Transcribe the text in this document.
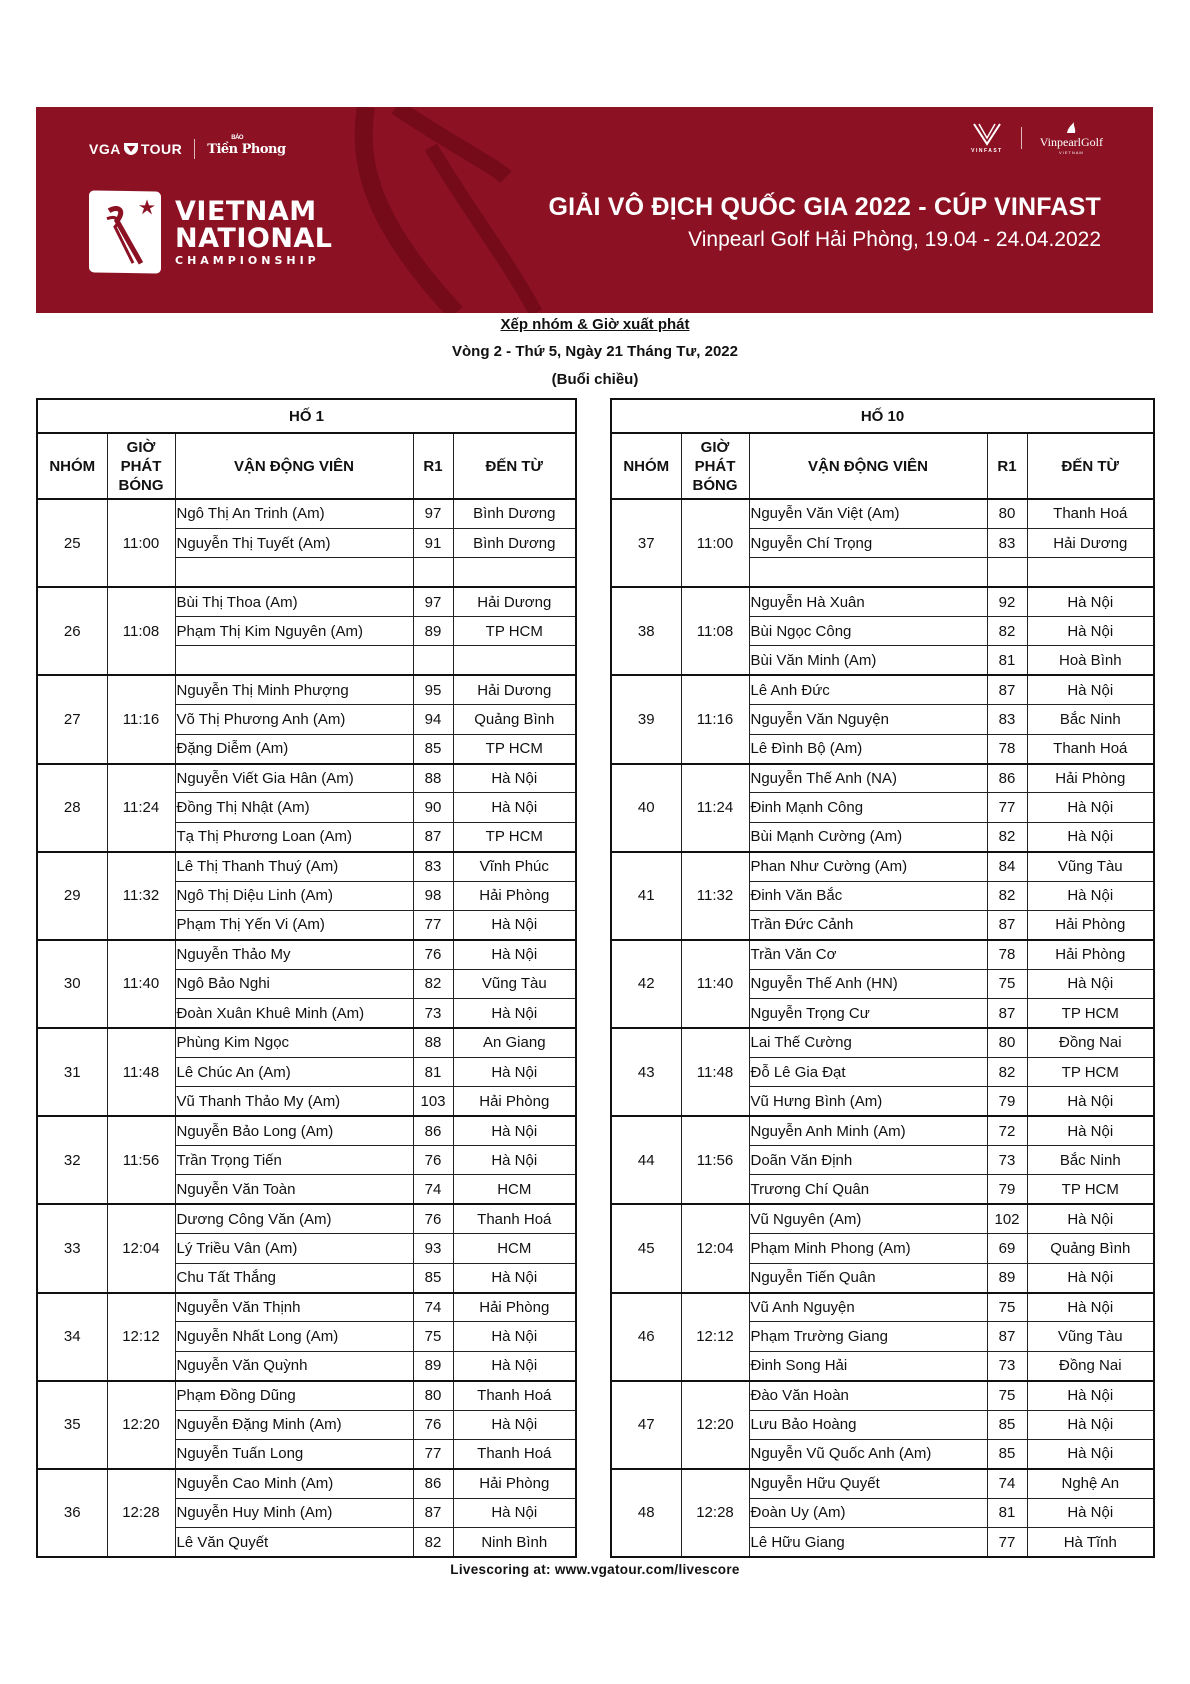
VGA TOUR
BÁO
Tiền Phong
VIETNAM
NATIONAL
CHAMPIONSHIP
VINFAST
VinpearlGolf
VIETNAM
GIẢI VÔ ĐỊCH QUỐC GIA 2022 - CÚP VINFAST
Vinpearl Golf Hải Phòng, 19.04 - 24.04.2022
Xếp nhóm & Giờ xuất phát
Vòng 2 - Thứ 5, Ngày 21 Tháng Tư, 2022
(Buổi chiều)
HỐ 1				
NHÓM	GIỜ
PHÁT
BÓNG	VẬN ĐỘNG VIÊN	R1	ĐẾN TỪ
25	11:00	Ngô Thị An Trinh (Am)	97	Bình Dương
		Nguyễn Thị Tuyết (Am)	91	Bình Dương

26	11:08	Bùi Thị Thoa (Am)	97	Hải Dương
		Phạm Thị Kim Nguyên (Am)	89	TP HCM

27	11:16	Nguyễn Thị Minh Phượng	95	Hải Dương
		Võ Thị Phương Anh (Am)	94	Quảng Bình
		Đặng Diễm (Am)	85	TP HCM
28	11:24	Nguyễn Viết Gia Hân (Am)	88	Hà Nội
		Đồng Thị Nhật (Am)	90	Hà Nội
		Tạ Thị Phương Loan (Am)	87	TP HCM
29	11:32	Lê Thị Thanh Thuý (Am)	83	Vĩnh Phúc
		Ngô Thị Diệu Linh (Am)	98	Hải Phòng
		Phạm Thị Yến Vi (Am)	77	Hà Nội
30	11:40	Nguyễn Thảo My	76	Hà Nội
		Ngô Bảo Nghi	82	Vũng Tàu
		Đoàn Xuân Khuê Minh (Am)	73	Hà Nội
31	11:48	Phùng Kim Ngọc	88	An Giang
		Lê Chúc An (Am)	81	Hà Nội
		Vũ Thanh Thảo My (Am)	103	Hải Phòng
32	11:56	Nguyễn Bảo Long (Am)	86	Hà Nội
		Trần Trọng Tiến	76	Hà Nội
		Nguyễn Văn Toàn	74	HCM
33	12:04	Dương Công Văn (Am)	76	Thanh Hoá
		Lý Triều Vân (Am)	93	HCM
		Chu Tất Thắng	85	Hà Nội
34	12:12	Nguyễn Văn Thịnh	74	Hải Phòng
		Nguyễn Nhất Long (Am)	75	Hà Nội
		Nguyễn Văn Quỳnh	89	Hà Nội
35	12:20	Phạm Đồng Dũng	80	Thanh Hoá
		Nguyễn Đặng Minh (Am)	76	Hà Nội
		Nguyễn Tuấn Long	77	Thanh Hoá
36	12:28	Nguyễn Cao Minh (Am)	86	Hải Phòng
		Nguyễn Huy Minh (Am)	87	Hà Nội
		Lê Văn Quyết	82	Ninh Bình
HỐ 10				
NHÓM	GIỜ
PHÁT
BÓNG	VẬN ĐỘNG VIÊN	R1	ĐẾN TỪ
37	11:00	Nguyễn Văn Việt (Am)	80	Thanh Hoá
		Nguyễn Chí Trọng	83	Hải Dương

38	11:08	Nguyễn Hà Xuân	92	Hà Nội
		Bùi Ngọc Công	82	Hà Nội
		Bùi Văn Minh (Am)	81	Hoà Bình
39	11:16	Lê Anh Đức	87	Hà Nội
		Nguyễn Văn Nguyện	83	Bắc Ninh
		Lê Đình Bộ (Am)	78	Thanh Hoá
40	11:24	Nguyễn Thế Anh (NA)	86	Hải Phòng
		Đinh Mạnh Công	77	Hà Nội
		Bùi Mạnh Cường (Am)	82	Hà Nội
41	11:32	Phan Như Cường (Am)	84	Vũng Tàu
		Đinh Văn Bắc	82	Hà Nội
		Trần Đức Cảnh	87	Hải Phòng
42	11:40	Trần Văn Cơ	78	Hải Phòng
		Nguyễn Thế Anh (HN)	75	Hà Nội
		Nguyễn Trọng Cư	87	TP HCM
43	11:48	Lai Thế Cường	80	Đồng Nai
		Đỗ Lê Gia Đạt	82	TP HCM
		Vũ Hưng Bình (Am)	79	Hà Nội
44	11:56	Nguyễn Anh Minh (Am)	72	Hà Nội
		Doãn Văn Định	73	Bắc Ninh
		Trương Chí Quân	79	TP HCM
45	12:04	Vũ Nguyên (Am)	102	Hà Nội
		Phạm Minh Phong (Am)	69	Quảng Bình
		Nguyễn Tiến Quân	89	Hà Nội
46	12:12	Vũ Anh Nguyện	75	Hà Nội
		Phạm Trường Giang	87	Vũng Tàu
		Đinh Song Hải	73	Đồng Nai
47	12:20	Đào Văn Hoàn	75	Hà Nội
		Lưu Bảo Hoàng	85	Hà Nội
		Nguyễn Vũ Quốc Anh (Am)	85	Hà Nội
48	12:28	Nguyễn Hữu Quyết	74	Nghệ An
		Đoàn Uy (Am)	81	Hà Nội
		Lê Hữu Giang	77	Hà Tĩnh
Livescoring at: www.vgatour.com/livescore
